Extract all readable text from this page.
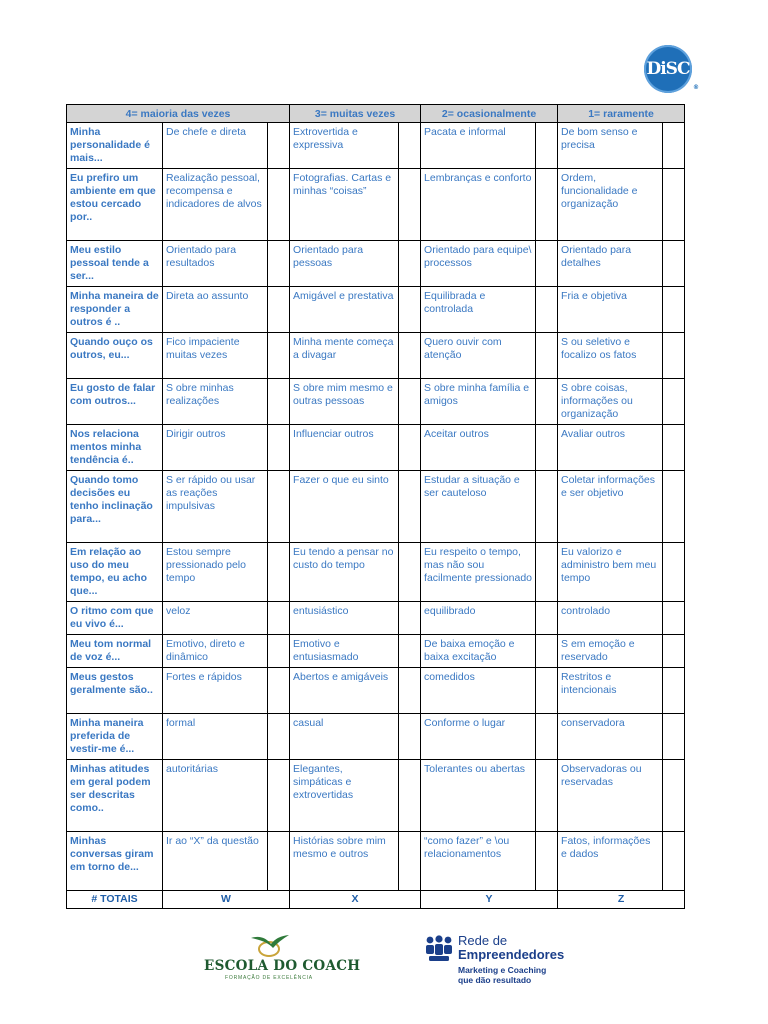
DiSC
®
4= maioria das vezes			3= muitas vezes		2= ocasionalmente		1= raramente	
Minha personalidade é mais...	De chefe e direta		Extrovertida e expressiva		Pacata e informal		De bom senso e precisa	
Eu prefiro um ambiente em que estou cercado por..	Realização pessoal, recompensa e indicadores de alvos		Fotografias. Cartas e minhas “coisas”		Lembranças e conforto		Ordem, funcionalidade e organização	
Meu estilo pessoal tende a ser...	Orientado para resultados		Orientado para pessoas		Orientado para equipe\ processos		Orientado para detalhes	
Minha maneira de responder a outros é ..	Direta ao assunto		Amigável e prestativa		Equilibrada e controlada		Fria e objetiva	
Quando ouço os outros, eu...	Fico impaciente muitas vezes		Minha mente começa a divagar		Quero ouvir com atenção		S ou seletivo e focalizo os fatos	
Eu gosto de falar com outros...	S obre minhas realizações		S obre mim mesmo e outras pessoas		S obre minha família e amigos		S obre coisas, informações ou organização	
Nos relaciona mentos minha tendência é..	Dirigir outros		Influenciar outros		Aceitar outros		Avaliar outros	
Quando tomo decisões eu tenho inclinação para...	S er rápido ou usar as reações impulsivas		Fazer o que eu sinto		Estudar a situação e ser cauteloso		Coletar informações e ser objetivo	
Em relação ao uso do meu tempo, eu acho que...	Estou sempre pressionado pelo tempo		Eu tendo a pensar no custo do tempo		Eu respeito o tempo, mas não sou facilmente pressionado		Eu valorizo e administro bem meu tempo	
O ritmo com que eu vivo é...	veloz		entusiástico		equilibrado		controlado	
Meu tom normal de voz é...	Emotivo, direto e dinâmico		Emotivo e entusiasmado		De baixa emoção e baixa excitação		S em emoção e reservado	
Meus gestos geralmente são..	Fortes e rápidos		Abertos e amigáveis		comedidos		Restritos e intencionais	
Minha maneira preferida de vestir-me é...	formal		casual		Conforme o lugar		conservadora	
Minhas atitudes em geral podem ser descritas como..	autoritárias		Elegantes, simpáticas e extrovertidas		Tolerantes ou abertas		Observadoras ou reservadas	
Minhas conversas giram em torno de...	Ir ao “X” da questão		Histórias sobre mim mesmo e outros		“como fazer” e \ou relacionamentos		Fatos, informações e dados	
# TOTAIS	W		X		Y		Z	
ESCOLA DO COACH
FORMAÇÃO DE EXCELÊNCIA
Rede de
Empreendedores
Marketing e Coaching
que dão resultado
